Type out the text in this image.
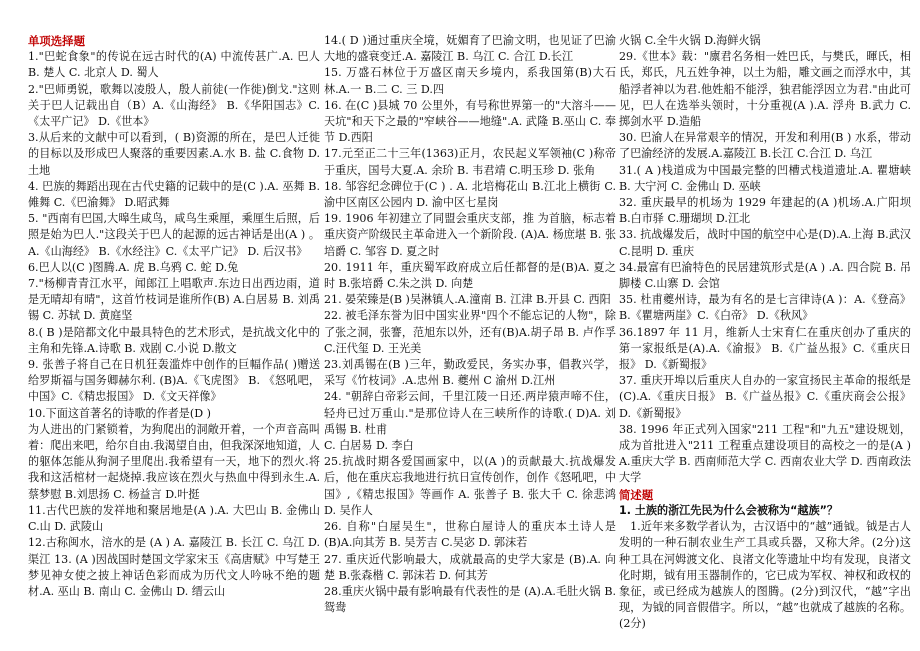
单项选择题
1."巴蛇食象"的传说在远古时代的(A) 中流传甚广.A. 巴人 B. 楚人 C. 北京人 D. 蜀人
2."巴师勇锐，歌舞以凌殷人，殷人前徒(一作徙)倒戈."这则关于巴人记载出自（B）A.《山海经》 B.《华阳国志》C.《太平广记》 D.《世本》
3.从后来的文献中可以看到，( B)资源的所在，是巴人迁徙的目标以及形成巴人聚落的重要因素.A.水 B. 盐 C.食物 D.土地
4. 巴族的舞蹈出现在古代史籍的记载中的是(C ).A. 巫舞 B.傩舞 C.《巴渝舞》 D.昭武舞
5. "西南有巴国,大暤生咸鸟，咸鸟生乘厘，乘厘生后照，后照是始为巴人."这段关于巴人的起源的远古神话是出(A ) 。A.《山海经》 B.《水经注》C.《太平广记》 D. 后汉书》
6.巴人以(C )图腾.A. 虎 B.乌鸦 C. 蛇 D.兔
7."杨柳青青江水平，闻郎江上唱歌声.东边日出西边雨，道是无晴却有晴"，这首竹枝词是谁所作(B) A.白居易 B. 刘禹锡 C. 苏轼 D. 黄庭坚
8.( B )是陪都文化中最具特色的艺术形式，是抗战文化中的主角和先锋.A.诗歌 B. 戏剧 C.小说 D.散文
9. 张善子将自己在日机狂轰滥炸中创作的巨幅作品( )赠送给罗斯福与国务卿赫尔利. (B)A.《飞虎图》 B. 《怒吼吧，中国》C.《精忠报国》 D.《文天祥像》
10.下面这首著名的诗歌的作者是(D )
为人进出的门紧锁着，为狗爬出的洞敞开着，一个声音高叫着：爬出来吧，给尔自由.我渴望自由，但我深深地知道，人的躯体怎能从狗洞子里爬出.我希望有一天，地下的烈火.将我和这活棺材一起烧掉.我应该在烈火与热血中得到永生.A. 蔡梦慰 B.刘思扬 C. 杨益言 D.叶挺
11.古代巴族的发祥地和聚居地是(A ).A. 大巴山 B. 金佛山 C.山 D. 武陵山
12.古称闽水，涪水的是 (A ) A. 嘉陵江 B. 长江 C. 乌江 D. 渠江 13. (A )因战国时楚国文学家宋玉《高唐赋》中写楚王梦见神女使之披上神话色彩而成为历代文人吟咏不绝的题材.A. 巫山 B. 南山 C. 金佛山 D. 缙云山
14.( D )通过重庆全境，妩媚育了巴渝文明，也见证了巴渝大地的盛衰变迁.A. 嘉陵江 B. 乌江 C. 合江 D.长江
15. 万盛石林位于万盛区南天乡境内，系我国第(B)大石林.A.一 B.二 C. 三 D.四
16. 在(C )县城 70 公里外，有号称世界第一的"大溶斗——天坑"和天下之最的"窄峡谷——地缝".A. 武隆 B.巫山 C. 奉节 D.西阳
17.元至正二十三年(1363)正月，农民起义军领袖(C )称帝于重庆，国号大夏.A. 余玠 B. 韦君靖 C.明玉珍 D. 张角
18. 邹容纪念碑位于(C ) . A. 北培梅花山 B.江北上横街 C. 渝中区南区公园内 D. 渝中区七星岗
19. 1906 年初建立了同盟会重庆支部，推 为首脑，标志着重庆资产阶级民主革命进入一个新阶段. (A)A. 杨庶堪 B. 张培爵 C. 邹容 D. 夏之时
20. 1911 年，重庆蜀军政府成立后任都督的是(B)A. 夏之时 B.张培爵 C.朱之洪 D. 向楚
21. 晏荣臻是(B )吴淋镇人.A.潼南 B. 江津 B.开县 C. 西阳
22. 被毛泽东誉为旧中国实业界"四个不能忘记的人物"，除了张之洞，张謇，范旭东以外，还有(B)A.胡子昂 B. 卢作孚 C.汪代玺 D. 王光美
23.刘禹锡在(B )三年，勤政爱民，务实办事，倡教兴学，采写《竹枝词》.A.忠州 B. 夔州 C 渝州 D.江州
24. "朝辞白帝彩云间，千里江陵一日还.两岸猿声啼不住，轻舟已过万重山."是那位诗人在三峡所作的诗歌.( D)A. 刘禹锡 B. 杜甫
C. 白居易 D. 李白
25.抗战时期各爱国画家中，以(A )的贡献最大.抗战爆发后，他在重庆忘我地进行抗日宣传创作，创作《怒吼吧，中国》,《精忠报国》等画作 A. 张善子 B. 张大千 C. 徐悲鸿 D. 吴作人
26. 自称"白屋吴生"，世称白屋诗人的重庆本土诗人是(B)A.向其芳 B. 吴芳吉 C.吴宓 D. 郭沫若
27. 重庆近代影响最大，成就最高的史学大家是 (B).A. 向楚 B.张森楷 C. 郭沫若 D. 何其芳
28.重庆火锅中最有影响最有代表性的是 (A).A.毛肚火锅 B.鸳鸯
火锅 C.全牛火锅 D.海鲜火锅
29.《世本》载："廪君名务相一姓巴氏，与樊氏，暉氏，相氏，郑氏，凡五姓争神，以土为船，雕文画之而浮水中，其船浮者神以为君.他姓船不能浮，独君能浮因立为君."由此可见，巴人在选举头领时，十分重视(A ).A. 浮舟 B.武力 C. 掷剑水平 D.造船
30. 巴渝人在异常艰辛的情况，开发和利用(B ) 水系，带动了巴渝经济的发展.A.嘉陵江 B.长江 C.合江 D. 乌江
31.( A )栈道成为中国最完整的凹槽式栈道遗址.A. 瞿塘峡 B. 大宁河 C. 金佛山 D. 巫峡
32. 重庆最早的机场为 1929 年建起的(A )机场.A.广阳坝 B.白市驿 C.珊瑚坝 D.江北
33. 抗战爆发后，战时中国的航空中心是(D).A.上海 B.武汉 C.昆明 D. 重庆
34.最富有巴渝特色的民居建筑形式是(A ) .A. 四合院 B. 吊脚楼 C.山寨 D. 会馆
35. 杜甫夔州诗，最为有名的是七言律诗(A )：A.《登高》 B.《瞿塘两崖》C.《白帝》 D.《秋风》
36.1897 年 11 月，维新人士宋育仁在重庆创办了重庆的第一家报纸是(A).A.《渝报》 B.《广益丛报》C.《重庆日报》 D.《新蜀报》
37. 重庆开埠以后重庆人自办的一家宣扬民主革命的报纸是(C).A.《重庆日报》 B.《广益丛报》C.《重庆商会公报》 D.《新蜀报》
38. 1996 年正式列入国家"211 工程"和"九五"建设规划，成为首批进入"211 工程重点建设项目的高校之一的是(A ) A.重庆大学 B. 西南师范大学 C. 西南农业大学 D. 西南政法大学
简述题
1. 土族的浙江先民为什么会被称为“越族”？
1.近年来多数学者认为，古汉语中的“越”通钺。钺是古人发明的一种石制农业生产工具或兵器，又称大斧。(2分)这种工具在河姆渡文化、良渚文化等遗址中均有发现，良渚文化时期，钺有用玉器制作的，它已成为军权、神权和政权的象征，或已经成为越族人的图腾。(2分)到汉代，“越”字出现，为钺的同音假借字。所以，“越”也就成了越族的名称。(2分)
